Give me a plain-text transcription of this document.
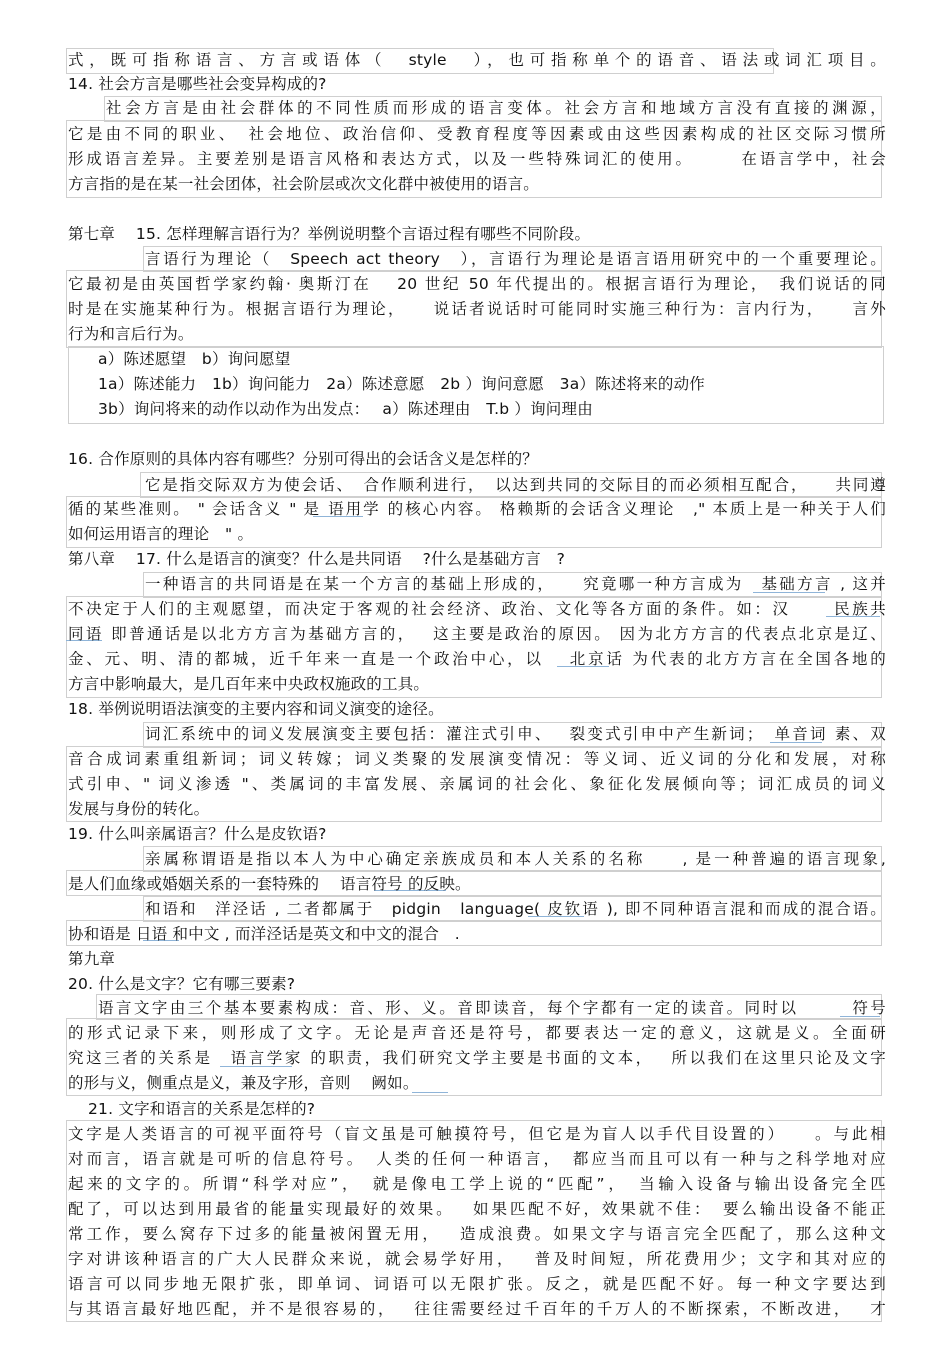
式，既可指称语言、方言或语体（　style　），也可指称单个的语音、语法或词汇项目。
14. 社会方言是哪些社会变异构成的?
社会方言是由社会群体的不同性质而形成的语言变体。社会方言和地域方言没有直接的渊源，
它是由不同的职业、　社会地位、政治信仰、受教育程度等因素或由这些因素构成的社区交际习惯所
形成语言差异。主要差别是语言风格和表达方式，以及一些特殊词汇的使用。　　　在语言学中，社会
方言指的是在某一社会团体，社会阶层或次文化群中被使用的语言。
第七章　 15. 怎样理解言语行为？举例说明整个言语过程有哪些不同阶段。
言语行为理论（　Speech act theory　），言语行为理论是语言语用研究中的一个重要理论。
它最初是由英国哲学家约翰· 奥斯汀在　 20 世纪 50 年代提出的。根据言语行为理论，　我们说话的同
时是在实施某种行为。根据言语行为理论，　　说话者说话时可能同时实施三种行为：言内行为，　　言外
行为和言后行为。
a）陈述愿望　b）询问愿望
1a）陈述能力　1b）询问能力　2a）陈述意愿　2b ）询问意愿　3a）陈述将来的动作
3b）询问将来的动作以动作为出发点：　 a）陈述理由　T.b ）询问理由
16. 合作原则的具体内容有哪些？分别可得出的会话含义是怎样的？
它是指交际双方为使会话、　合作顺利进行，　以达到共同的交际目的而必须相互配合，　　共同遵
循的某些准则。 " 会话含义 " 是 语用学 的核心内容。 格赖斯的会话含义理论　," 本质上是一种关于人们
如何运用语言的理论　" 。
第八章　 17. 什么是语言的演变？什么是共同语　 ?什么是基础方言　?
一种语言的共同语是在某一个方言的基础上形成的，　　究竟哪一种方言成为　基础方言 , 这并
不决定于人们的主观愿望，而决定于客观的社会经济、政治、文化等各方面的条件。如：汉　　 民族共
同语 即普通话是以北方方言为基础方言的，　 这主要是政治的原因。 因为北方方言的代表点北京是辽、
金、元、明、清的都城，近千年来一直是一个政治中心，以　 北京话 为代表的北方方言在全国各地的
方言中影响最大，是几百年来中央政权施政的工具。
18. 举例说明语法演变的主要内容和词义演变的途径。
词汇系统中的词义发展演变主要包括：灌注式引申、　 裂变式引申中产生新词；　单音词 素、双
音合成词素重组新词；词义转嫁；词义类聚的发展演变情况：等义词、近义词的分化和发展，对称
式引申、" 词义渗透 "、类属词的丰富发展、亲属词的社会化、象征化发展倾向等；词汇成员的词义
发展与身份的转化。
19. 什么叫亲属语言？什么是皮钦语?
亲属称谓语是指以本人为中心确定亲族成员和本人关系的名称　　, 是一种普遍的语言现象,
是人们血缘或婚姻关系的一套特殊的　 语言符号 的反映。
和语和　洋泾话 , 二者都属于　pidgin　language( 皮钦语 ), 即不同种语言混和而成的混合语。
协和语是 日语 和中文 , 而洋泾话是英文和中文的混合　.
第九章
20. 什么是文字？它有哪三要素?
语言文字由三个基本要素构成：音、形、义。音即读音，每个字都有一定的读音。同时以　　　符号
的形式记录下来，则形成了文字。无论是声音还是符号，都要表达一定的意义，这就是义。全面研
究这三者的关系是　语言学家 的职责，我们研究文学主要是书面的文本，　 所以我们在这里只论及文字
的形与义，侧重点是义，兼及字形，音则　 阙如。
21. 文字和语言的关系是怎样的?
文字是人类语言的可视平面符号（盲文虽是可触摸符号，但它是为盲人以手代目设置的）　　。与此相
对而言，语言就是可听的信息符号。　人类的任何一种语言，　都应当而且可以有一种与之科学地对应
起来的文字的。所谓“科学对应”，　就是像电工学上说的“匹配”，　当输入设备与输出设备完全匹
配了，可以达到用最省的能量实现最好的效果。　 如果匹配不好，效果就不佳：　要么输出设备不能正
常工作，要么窝存下过多的能量被闲置无用，　 造成浪费。如果文字与语言完全匹配了，那么这种文
字对讲该种语言的广大人民群众来说，就会易学好用，　 普及时间短，所花费用少；文字和其对应的
语言可以同步地无限扩张，即单词、词语可以无限扩张。反之，就是匹配不好。每一种文字要达到
与其语言最好地匹配，并不是很容易的，　 往往需要经过千百年的千万人的不断探索，不断改进，　 才
